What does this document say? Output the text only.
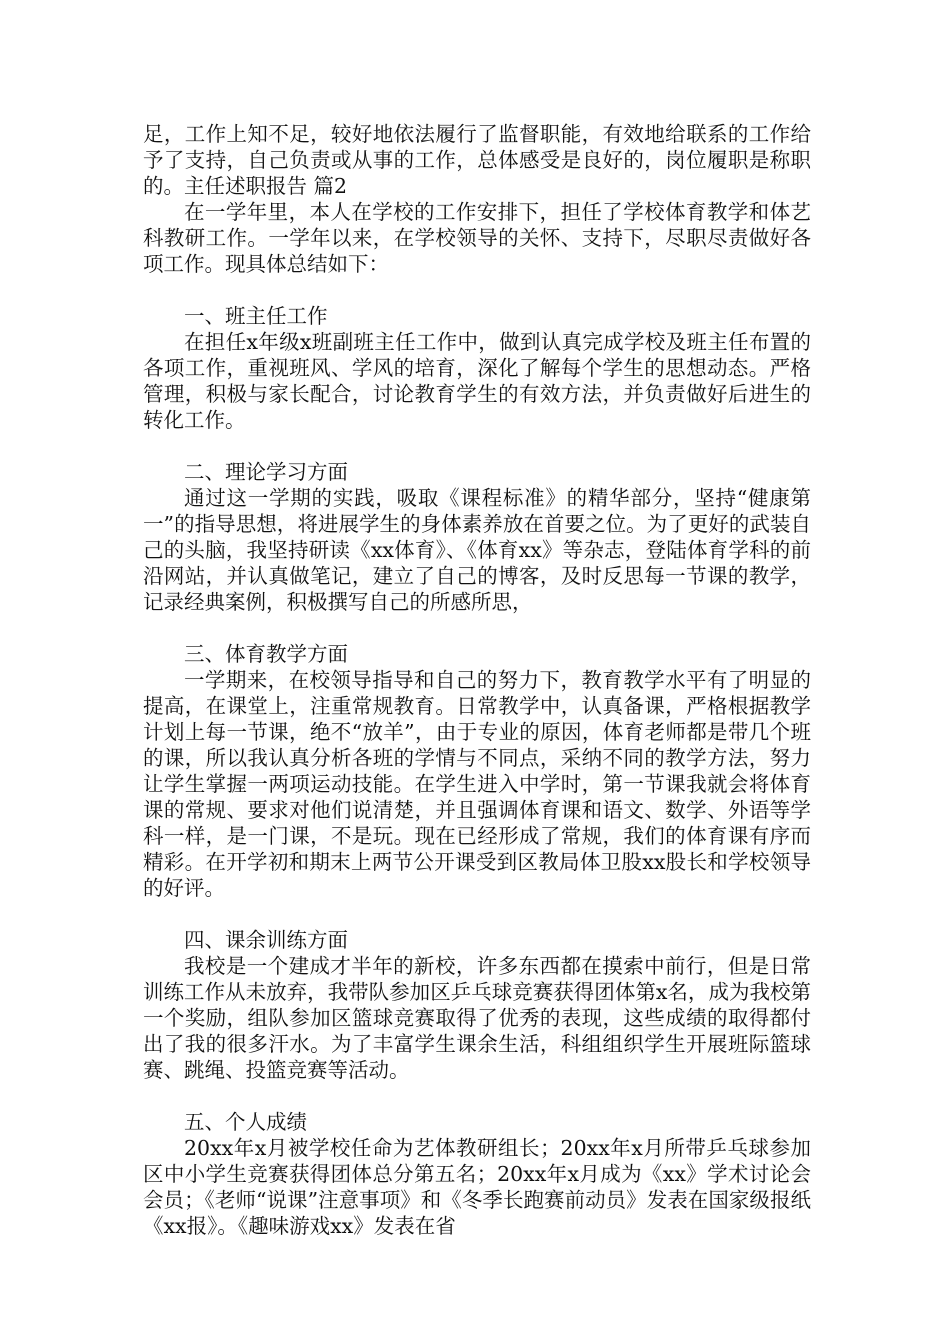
足，工作上知不足，较好地依法履行了监督职能，有效地给联系的工作给予了支持，自己负责或从事的工作，总体感受是良好的，岗位履职是称职的。主任述职报告 篇2

在一学年里，本人在学校的工作安排下，担任了学校体育教学和体艺科教研工作。一学年以来，在学校领导的关怀、支持下，尽职尽责做好各项工作。现具体总结如下：

一、班主任工作

在担任x年级x班副班主任工作中，做到认真完成学校及班主任布置的各项工作，重视班风、学风的培育，深化了解每个学生的思想动态。严格管理，积极与家长配合，讨论教育学生的有效方法，并负责做好后进生的转化工作。

二、理论学习方面

通过这一学期的实践，吸取《课程标准》的精华部分，坚持“健康第一”的指导思想，将进展学生的身体素养放在首要之位。为了更好的武装自己的头脑，我坚持研读《xx体育》、《体育xx》等杂志，登陆体育学科的前沿网站，并认真做笔记，建立了自己的博客，及时反思每一节课的教学，记录经典案例，积极撰写自己的所感所思，

三、体育教学方面

一学期来，在校领导指导和自己的努力下，教育教学水平有了明显的提高，在课堂上，注重常规教育。日常教学中，认真备课，严格根据教学计划上每一节课，绝不“放羊”，由于专业的原因，体育老师都是带几个班的课，所以我认真分析各班的学情与不同点，采纳不同的教学方法，努力让学生掌握一两项运动技能。在学生进入中学时，第一节课我就会将体育课的常规、要求对他们说清楚，并且强调体育课和语文、数学、外语等学科一样，是一门课，不是玩。现在已经形成了常规，我们的体育课有序而精彩。在开学初和期末上两节公开课受到区教局体卫股xx股长和学校领导的好评。

四、课余训练方面

我校是一个建成才半年的新校，许多东西都在摸索中前行，但是日常训练工作从未放弃，我带队参加区乒乓球竞赛获得团体第x名，成为我校第一个奖励，组队参加区篮球竞赛取得了优秀的表现，这些成绩的取得都付出了我的很多汗水。为了丰富学生课余生活，科组组织学生开展班际篮球赛、跳绳、投篮竞赛等活动。

五、个人成绩

20xx年x月被学校任命为艺体教研组长；20xx年x月所带乒乓球参加区中小学生竞赛获得团体总分第五名；20xx年x月成为《xx》学术讨论会会员；《老师“说课”注意事项》和《冬季长跑赛前动员》发表在国家级报纸《xx报》。《趣味游戏xx》发表在省
